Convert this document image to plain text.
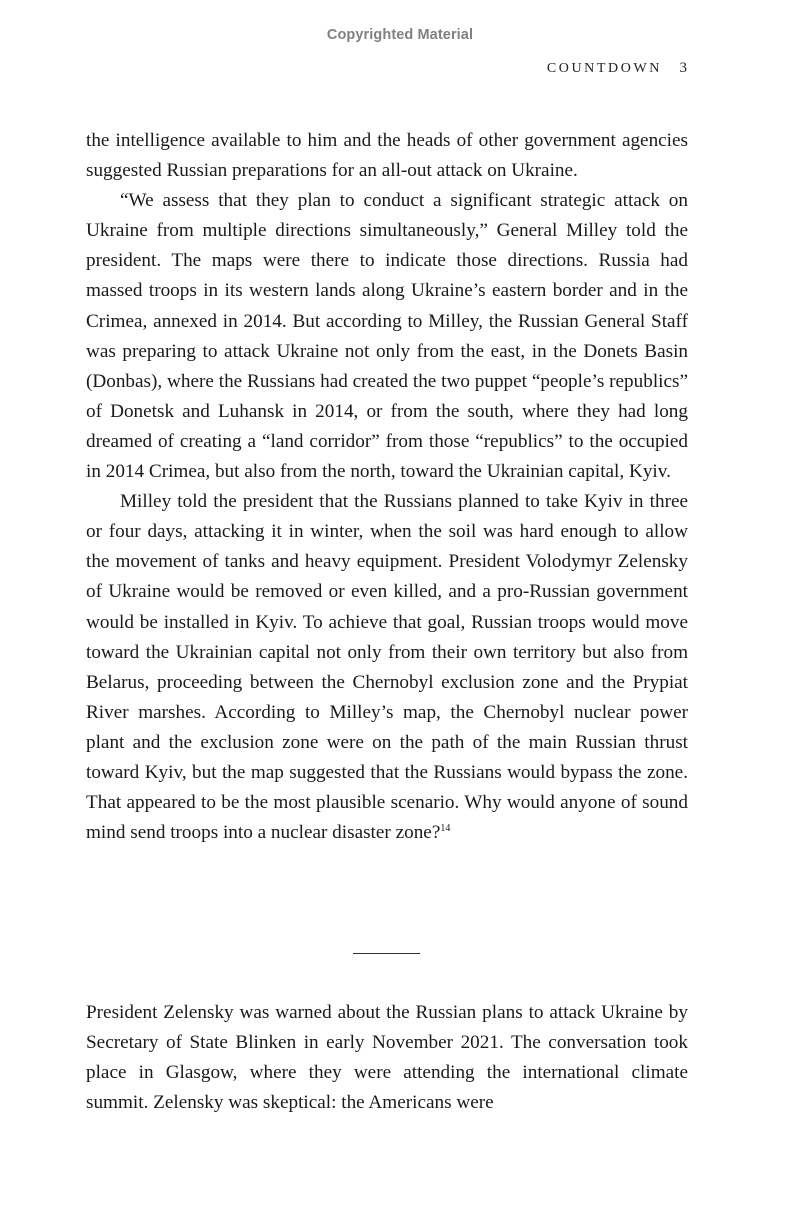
Copyrighted Material
COUNTDOWN 3

the intelligence available to him and the heads of other government agencies suggested Russian preparations for an all-out attack on Ukraine.

“We assess that they plan to conduct a significant strategic attack on Ukraine from multiple directions simultaneously,” General Milley told the president. The maps were there to indicate those directions. Russia had massed troops in its western lands along Ukraine’s eastern border and in the Crimea, annexed in 2014. But according to Milley, the Russian General Staff was preparing to attack Ukraine not only from the east, in the Donets Basin (Donbas), where the Russians had created the two puppet “people’s republics” of Donetsk and Luhansk in 2014, or from the south, where they had long dreamed of creating a “land corridor” from those “republics” to the occupied in 2014 Crimea, but also from the north, toward the Ukrainian capital, Kyiv.

Milley told the president that the Russians planned to take Kyiv in three or four days, attacking it in winter, when the soil was hard enough to allow the movement of tanks and heavy equipment. President Volodymyr Zelensky of Ukraine would be removed or even killed, and a pro-Russian government would be installed in Kyiv. To achieve that goal, Russian troops would move toward the Ukrainian capital not only from their own territory but also from Belarus, proceeding between the Chernobyl exclusion zone and the Prypiat River marshes. According to Milley’s map, the Chernobyl nuclear power plant and the exclusion zone were on the path of the main Russian thrust toward Kyiv, but the map suggested that the Russians would bypass the zone. That appeared to be the most plausible scenario. Why would anyone of sound mind send troops into a nuclear disaster zone?$^{14}$

President Zelensky was warned about the Russian plans to attack Ukraine by Secretary of State Blinken in early November 2021. The conversation took place in Glasgow, where they were attending the international climate summit. Zelensky was skeptical: the Americans were
